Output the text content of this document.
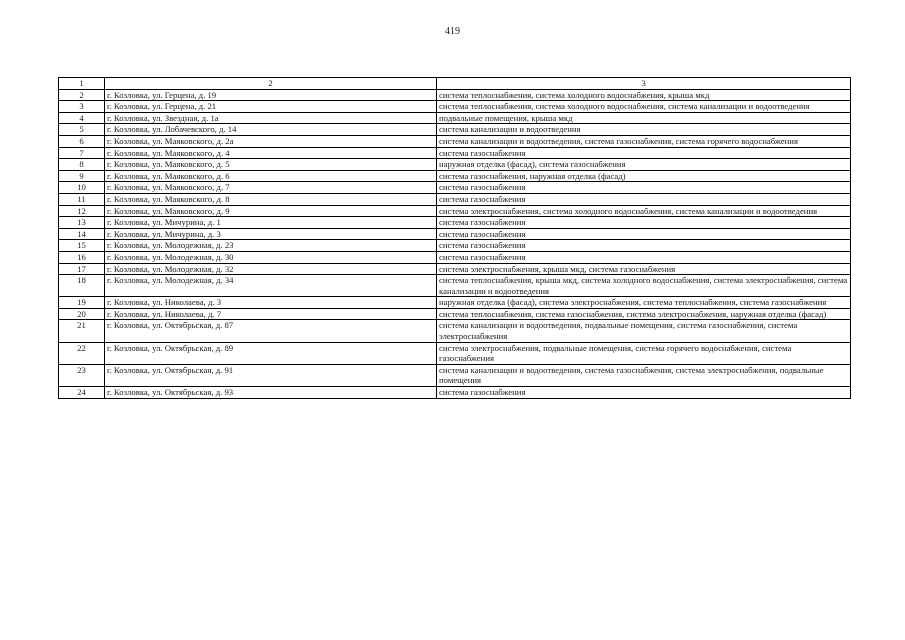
419
1	2	3
2	г. Козловка, ул. Герцена, д. 19	система теплоснабжения, система холодного водоснабжения, крыша мкд
3	г. Козловка, ул. Герцена, д. 21	система теплоснабжения, система холодного водоснабжения, система канализации и водоотведения
4	г. Козловка, ул. Звездная, д. 1а	подвальные помещения, крыша мкд
5	г. Козловка, ул. Лобачевского, д. 14	система канализации и водоотведения
6	г. Козловка, ул. Маяковского, д. 2а	система канализации и водоотведения, система газоснабжения, система горячего водоснабжения
7	г. Козловка, ул. Маяковского, д. 4	система газоснабжения
8	г. Козловка, ул. Маяковского, д. 5	наружная отделка (фасад), система газоснабжения
9	г. Козловка, ул. Маяковского, д. 6	система газоснабжения, наружная отделка (фасад)
10	г. Козловка, ул. Маяковского, д. 7	система газоснабжения
11	г. Козловка, ул. Маяковского, д. 8	система газоснабжения
12	г. Козловка, ул. Маяковского, д. 9	система электроснабжения, система холодного водоснабжения, система канализации и водоотведения
13	г. Козловка, ул. Мичурина, д. 1	система газоснабжения
14	г. Козловка, ул. Мичурина, д. 3	система газоснабжения
15	г. Козловка, ул. Молодежная, д. 23	система газоснабжения
16	г. Козловка, ул. Молодежная, д. 30	система газоснабжения
17	г. Козловка, ул. Молодежная, д. 32	система электроснабжения, крыша мкд, система газоснабжения
18	г. Козловка, ул. Молодежная, д. 34	система теплоснабжения, крыша мкд, система холодного водоснабжения, система электроснабжения, система канализации и водоотведения
19	г. Козловка, ул. Николаева, д. 3	наружная отделка (фасад), система электроснабжения, система теплоснабжения, система газоснабжения
20	г. Козловка, ул. Николаева, д. 7	система теплоснабжения, система газоснабжения, система электроснабжения, наружная отделка (фасад)
21	г. Козловка, ул. Октябрьская, д. 87	система канализации и водоотведения, подвальные помещения, система газоснабжения, система электроснабжения
22	г. Козловка, ул. Октябрьская, д. 89	система электроснабжения, подвальные помещения, система горячего водоснабжения, система газоснабжения
23	г. Козловка, ул. Октябрьская, д. 91	система канализации и водоотведения, система газоснабжения, система электроснабжения, подвальные помещения
24	г. Козловка, ул. Октябрьская, д. 93	система газоснабжения
